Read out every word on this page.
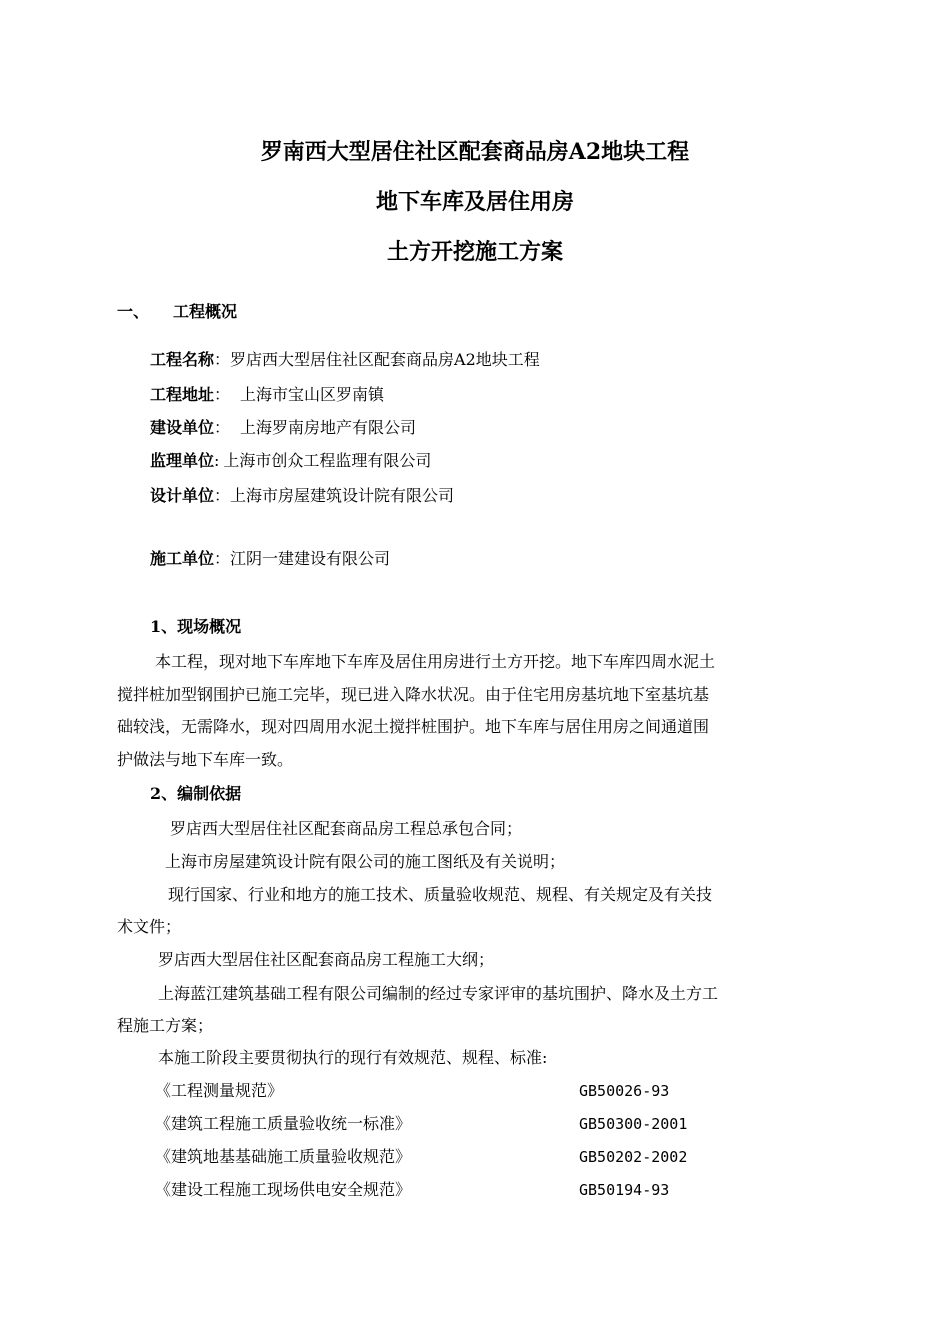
罗南西大型居住社区配套商品房A2地块工程
地下车库及居住用房
土方开挖施工方案
一、 工程概况
工程名称：罗店西大型居住社区配套商品房A2地块工程
工程地址： 上海市宝山区罗南镇
建设单位： 上海罗南房地产有限公司
监理单位: 上海市创众工程监理有限公司
设计单位：上海市房屋建筑设计院有限公司
施工单位：江阴一建建设有限公司
1、现场概况
本工程，现对地下车库地下车库及居住用房进行土方开挖。地下车库四周水泥土
搅拌桩加型钢围护已施工完毕，现已进入降水状况。由于住宅用房基坑地下室基坑基
础较浅，无需降水，现对四周用水泥土搅拌桩围护。地下车库与居住用房之间通道围
护做法与地下车库一致。
2、编制依据
罗店西大型居住社区配套商品房工程总承包合同；
上海市房屋建筑设计院有限公司的施工图纸及有关说明；
现行国家、行业和地方的施工技术、质量验收规范、规程、有关规定及有关技
术文件；
罗店西大型居住社区配套商品房工程施工大纲；
上海蓝江建筑基础工程有限公司编制的经过专家评审的基坑围护、降水及土方工
程施工方案；
本施工阶段主要贯彻执行的现行有效规范、规程、标准:
《工程测量规范》	GB50026-93
《建筑工程施工质量验收统一标准》	GB50300-2001
《建筑地基基础施工质量验收规范》	GB50202-2002
《建设工程施工现场供电安全规范》	GB50194-93
